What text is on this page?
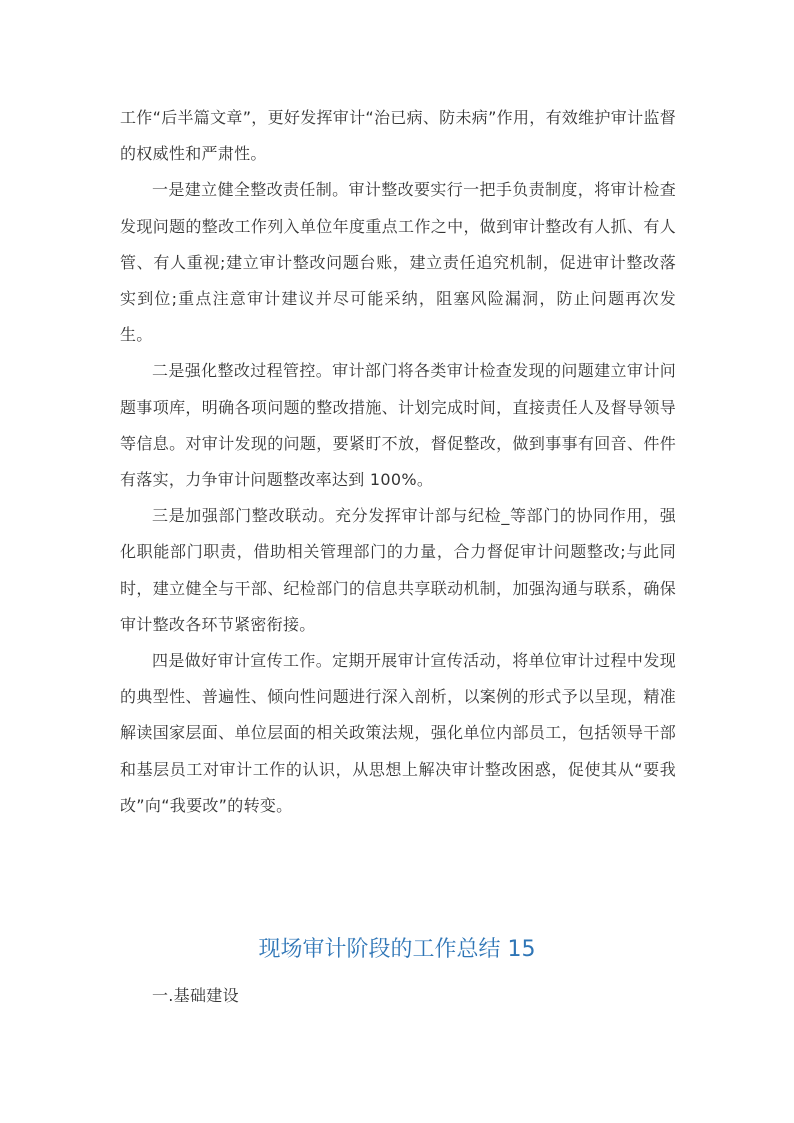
工作“后半篇文章”，更好发挥审计“治已病、防未病”作用，有效维护审计监督的权威性和严肃性。

一是建立健全整改责任制。审计整改要实行一把手负责制度，将审计检查发现问题的整改工作列入单位年度重点工作之中，做到审计整改有人抓、有人管、有人重视;建立审计整改问题台账，建立责任追究机制，促进审计整改落实到位;重点注意审计建议并尽可能采纳，阻塞风险漏洞，防止问题再次发生。

二是强化整改过程管控。审计部门将各类审计检查发现的问题建立审计问题事项库，明确各项问题的整改措施、计划完成时间，直接责任人及督导领导等信息。对审计发现的问题，要紧盯不放，督促整改，做到事事有回音、件件有落实，力争审计问题整改率达到 100%。

三是加强部门整改联动。充分发挥审计部与纪检_等部门的协同作用，强化职能部门职责，借助相关管理部门的力量，合力督促审计问题整改;与此同时，建立健全与干部、纪检部门的信息共享联动机制，加强沟通与联系，确保审计整改各环节紧密衔接。

四是做好审计宣传工作。定期开展审计宣传活动，将单位审计过程中发现的典型性、普遍性、倾向性问题进行深入剖析，以案例的形式予以呈现，精准解读国家层面、单位层面的相关政策法规，强化单位内部员工，包括领导干部和基层员工对审计工作的认识，从思想上解决审计整改困惑，促使其从“要我改”向“我要改”的转变。

现场审计阶段的工作总结 15
一.基础建设
